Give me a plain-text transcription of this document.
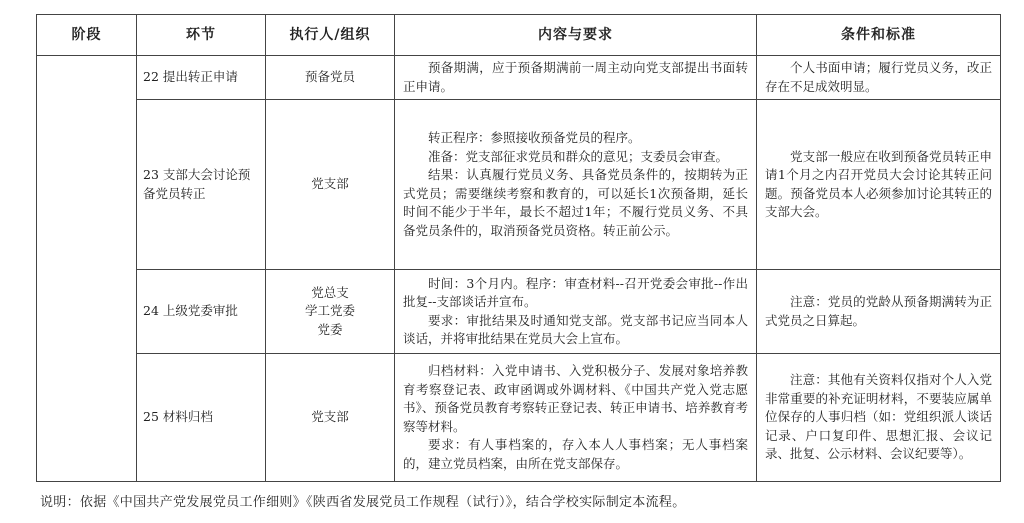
阶段	环节	执行人/组织	内容与要求	条件和标准
	22 提出转正申请	预备党员	预备期满，应于预备期满前一周主动向党支部提出书面转正申请。	个人书面申请；履行党员义务，改正存在不足成效明显。

	23 支部大会讨论预备党员转正	党支部	转正程序：参照接收预备党员的程序。
准备：党支部征求党员和群众的意见；支委员会审查。
结果：认真履行党员义务、具备党员条件的，按期转为正式党员；需要继续考察和教育的，可以延长1次预备期，延长时间不能少于半年，最长不超过1年；不履行党员义务、不具备党员条件的，取消预备党员资格。转正前公示。	党支部一般应在收到预备党员转正申请1个月之内召开党员大会讨论其转正问题。预备党员本人必须参加讨论其转正的支部大会。

	24 上级党委审批	党总支
学工党委
党委	时间：3个月内。程序：审查材料--召开党委会审批--作出批复--支部谈话并宣布。
要求：审批结果及时通知党支部。党支部书记应当同本人谈话，并将审批结果在党员大会上宣布。	注意：党员的党龄从预备期满转为正式党员之日算起。

	25 材料归档	党支部	归档材料：入党申请书、入党积极分子、发展对象培养教育考察登记表、政审函调或外调材料、《中国共产党入党志愿书》、预备党员教育考察转正登记表、转正申请书、培养教育考察等材料。
要求：有人事档案的，存入本人人事档案；无人事档案的，建立党员档案，由所在党支部保存。	注意：其他有关资料仅指对个人入党非常重要的补充证明材料，不要装应属单位保存的人事归档（如：党组织派人谈话记录、户口复印件、思想汇报、会议记录、批复、公示材料、会议纪要等）。
说明：依据《中国共产党发展党员工作细则》《陕西省发展党员工作规程（试行）》，结合学校实际制定本流程。
